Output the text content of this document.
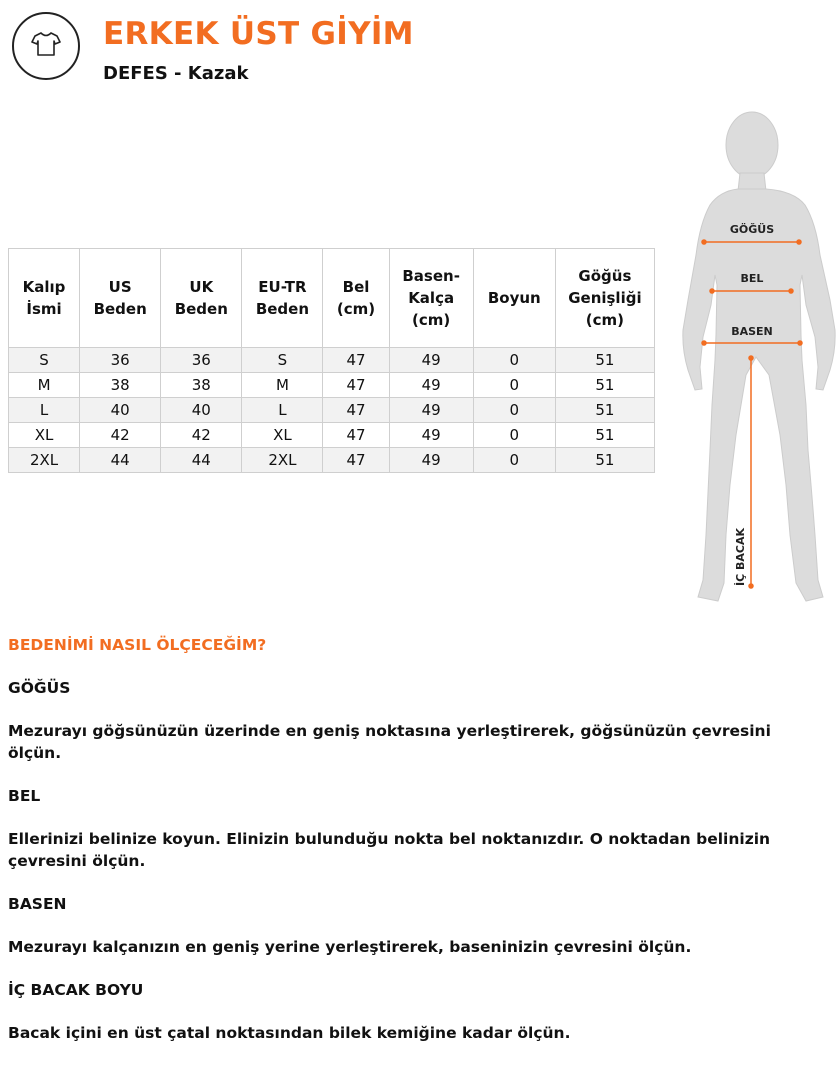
ERKEK ÜST GİYİM
DEFES - Kazak
Kalıp İsmi	US Beden	UK Beden	EU-TR Beden	Bel (cm)	Basen-Kalça (cm)	Boyun	Göğüs Genişliği (cm)
S	36	36	S	47	49	0	51
M	38	38	M	47	49	0	51
L	40	40	L	47	49	0	51
XL	42	42	XL	47	49	0	51
2XL	44	44	2XL	47	49	0	51
GÖĞÜS
BEL
BASEN
İÇ BACAK
BEDENİMİ NASIL ÖLÇECEĞİM?
GÖĞÜS
Mezurayı göğsünüzün üzerinde en geniş noktasına yerleştirerek, göğsünüzün çevresini ölçün.
BEL
Ellerinizi belinize koyun. Elinizin bulunduğu nokta bel noktanızdır. O noktadan belinizin çevresini ölçün.
BASEN
Mezurayı kalçanızın en geniş yerine yerleştirerek, baseninizin çevresini ölçün.
İÇ BACAK BOYU
Bacak içini en üst çatal noktasından bilek kemiğine kadar ölçün.
